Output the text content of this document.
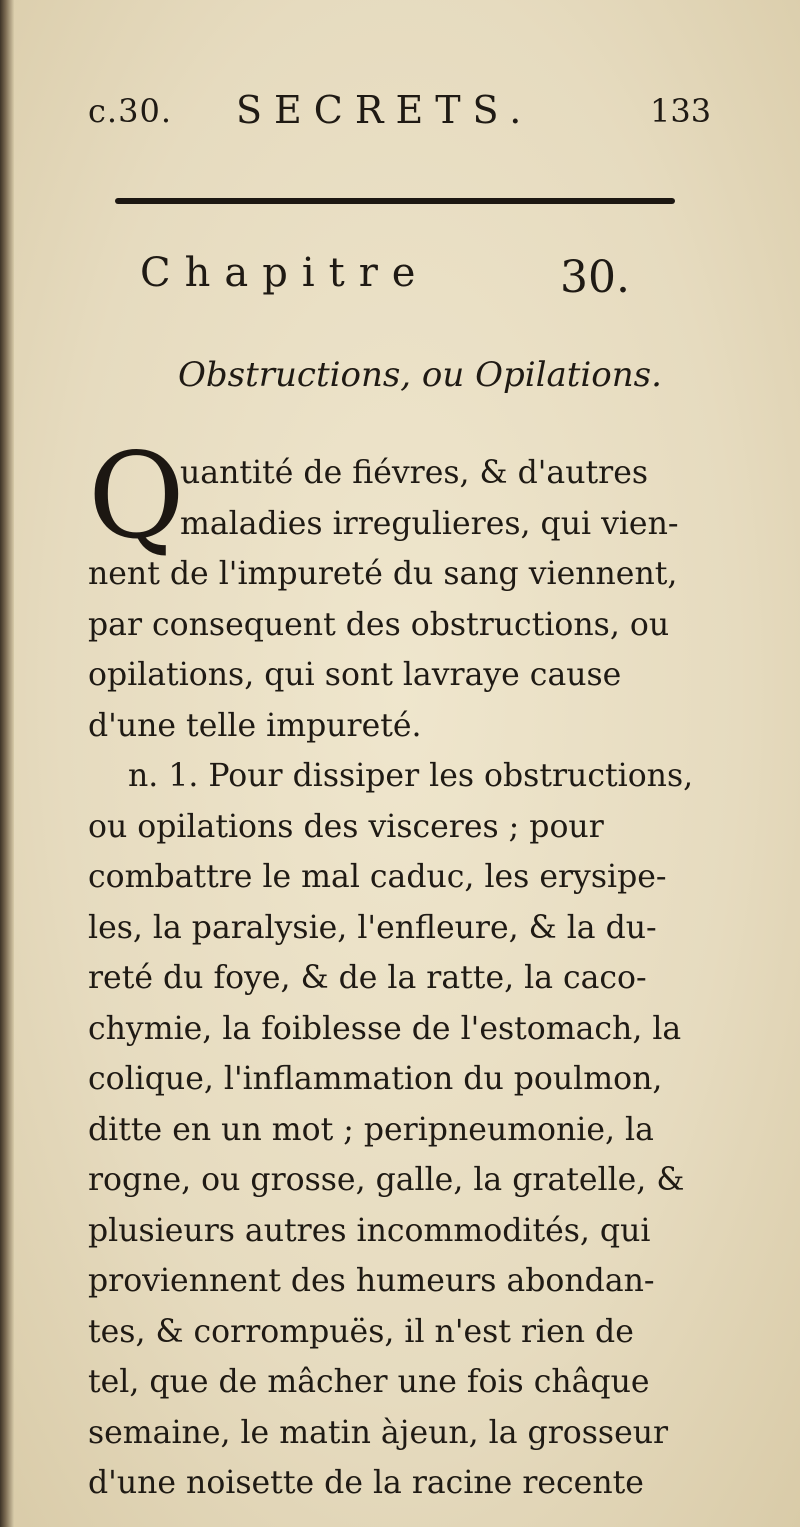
c.30. SECRETS.	133
Chapitre	30.
Obstructions, ou Opilations.
Q
uantité de fiévres, & d'autres
maladies irregulieres, qui vien-
nent de l'impureté du sang viennent,
par consequent des obstructions, ou
opilations, qui sont lavraye cause
d'une telle impureté.
n. 1. Pour dissiper les obstructions,
ou opilations des visceres ; pour
combattre le mal caduc, les erysipe-
les, la paralysie, l'enfleure, & la du-
reté du foye, & de la ratte, la caco-
chymie, la foiblesse de l'estomach, la
colique, l'inflammation du poulmon,
ditte en un mot ; peripneumonie, la
rogne, ou grosse, galle, la gratelle, &
plusieurs autres incommodités, qui
proviennent des humeurs abondan-
tes, & corrompuës, il n'est rien de
tel, que de mâcher une fois châque
semaine, le matin àjeun, la grosseur
d'une noisette de la racine recente
